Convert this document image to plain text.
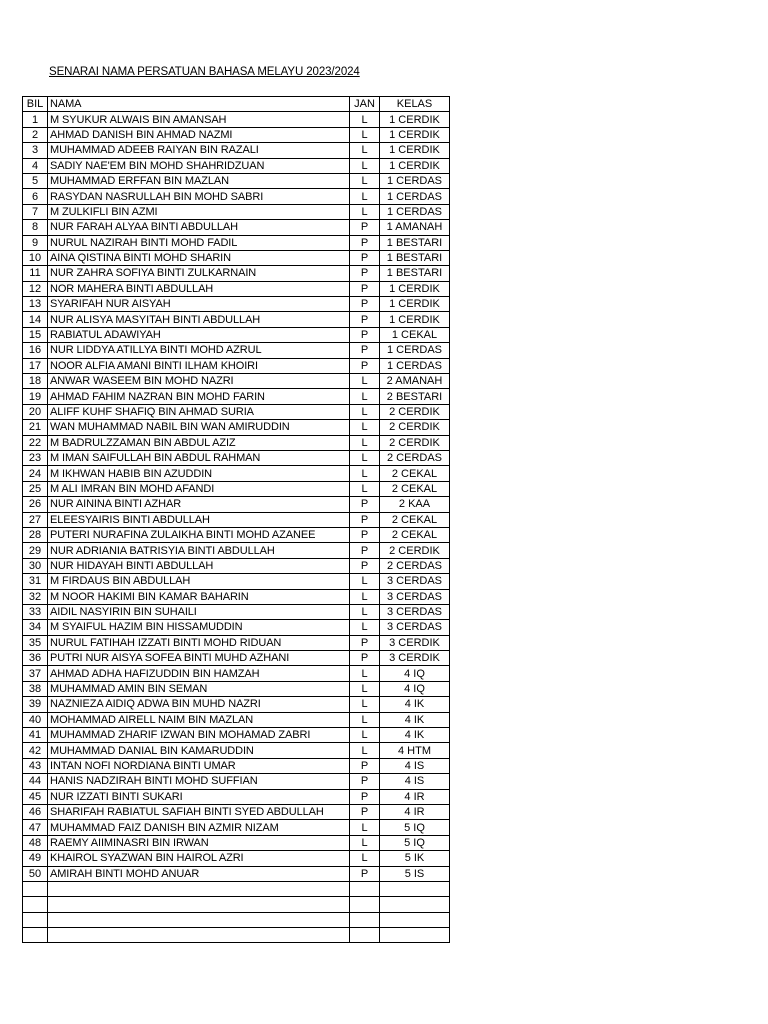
SENARAI NAMA PERSATUAN BAHASA MELAYU 2023/2024
BIL	NAMA	JAN	KELAS
1	M SYUKUR ALWAIS BIN AMANSAH	L	1 CERDIK
2	AHMAD DANISH BIN AHMAD NAZMI	L	1 CERDIK
3	MUHAMMAD ADEEB RAIYAN BIN RAZALI	L	1 CERDIK
4	SADIY NAE'EM BIN MOHD SHAHRIDZUAN	L	1 CERDIK
5	MUHAMMAD ERFFAN BIN MAZLAN	L	1 CERDAS
6	RASYDAN NASRULLAH BIN MOHD SABRI	L	1 CERDAS
7	M ZULKIFLI BIN AZMI	L	1 CERDAS
8	NUR FARAH ALYAA BINTI ABDULLAH	P	1 AMANAH
9	NURUL NAZIRAH BINTI MOHD FADIL	P	1 BESTARI
10	AINA QISTINA BINTI MOHD SHARIN	P	1 BESTARI
11	NUR ZAHRA SOFIYA BINTI ZULKARNAIN	P	1 BESTARI
12	NOR MAHERA BINTI ABDULLAH	P	1 CERDIK
13	SYARIFAH NUR AISYAH	P	1 CERDIK
14	NUR ALISYA MASYITAH BINTI ABDULLAH	P	1 CERDIK
15	RABIATUL ADAWIYAH	P	1 CEKAL
16	NUR LIDDYA ATILLYA BINTI MOHD AZRUL	P	1 CERDAS
17	NOOR ALFIA AMANI BINTI ILHAM KHOIRI	P	1 CERDAS
18	ANWAR WASEEM BIN MOHD NAZRI	L	2 AMANAH
19	AHMAD FAHIM NAZRAN BIN MOHD FARIN	L	2 BESTARI
20	ALIFF KUHF SHAFIQ BIN AHMAD SURIA	L	2 CERDIK
21	WAN MUHAMMAD NABIL BIN WAN AMIRUDDIN	L	2 CERDIK
22	M BADRULZZAMAN BIN ABDUL AZIZ	L	2 CERDIK
23	M IMAN SAIFULLAH BIN ABDUL RAHMAN	L	2 CERDAS
24	M IKHWAN HABIB BIN AZUDDIN	L	2 CEKAL
25	M ALI IMRAN BIN MOHD AFANDI	L	2 CEKAL
26	NUR AININA BINTI AZHAR	P	2 KAA
27	ELEESYAIRIS BINTI ABDULLAH	P	2 CEKAL
28	PUTERI NURAFINA ZULAIKHA BINTI MOHD AZANEE	P	2 CEKAL
29	NUR ADRIANIA BATRISYIA BINTI ABDULLAH	P	2 CERDIK
30	NUR HIDAYAH BINTI ABDULLAH	P	2 CERDAS
31	M FIRDAUS BIN ABDULLAH	L	3 CERDAS
32	M NOOR HAKIMI BIN KAMAR BAHARIN	L	3 CERDAS
33	AIDIL NASYIRIN BIN SUHAILI	L	3 CERDAS
34	M SYAIFUL HAZIM BIN HISSAMUDDIN	L	3 CERDAS
35	NURUL FATIHAH IZZATI BINTI MOHD RIDUAN	P	3 CERDIK
36	PUTRI NUR AISYA SOFEA BINTI MUHD AZHANI	P	3 CERDIK
37	AHMAD ADHA HAFIZUDDIN BIN HAMZAH	L	4 IQ
38	MUHAMMAD AMIN BIN SEMAN	L	4 IQ
39	NAZNIEZA AIDIQ ADWA BIN MUHD NAZRI	L	4 IK
40	MOHAMMAD AIRELL NAIM BIN MAZLAN	L	4 IK
41	MUHAMMAD ZHARIF IZWAN BIN MOHAMAD ZABRI	L	4 IK
42	MUHAMMAD DANIAL BIN KAMARUDDIN	L	4 HTM
43	INTAN NOFI NORDIANA BINTI UMAR	P	4 IS
44	HANIS NADZIRAH BINTI MOHD SUFFIAN	P	4 IS
45	NUR IZZATI BINTI SUKARI	P	4 IR
46	SHARIFAH RABIATUL SAFIAH BINTI SYED ABDULLAH	P	4 IR
47	MUHAMMAD FAIZ DANISH BIN AZMIR NIZAM	L	5 IQ
48	RAEMY AIIMINASRI BIN IRWAN	L	5 IQ
49	KHAIROL SYAZWAN BIN HAIROL AZRI	L	5 IK
50	AMIRAH BINTI MOHD ANUAR	P	5 IS
